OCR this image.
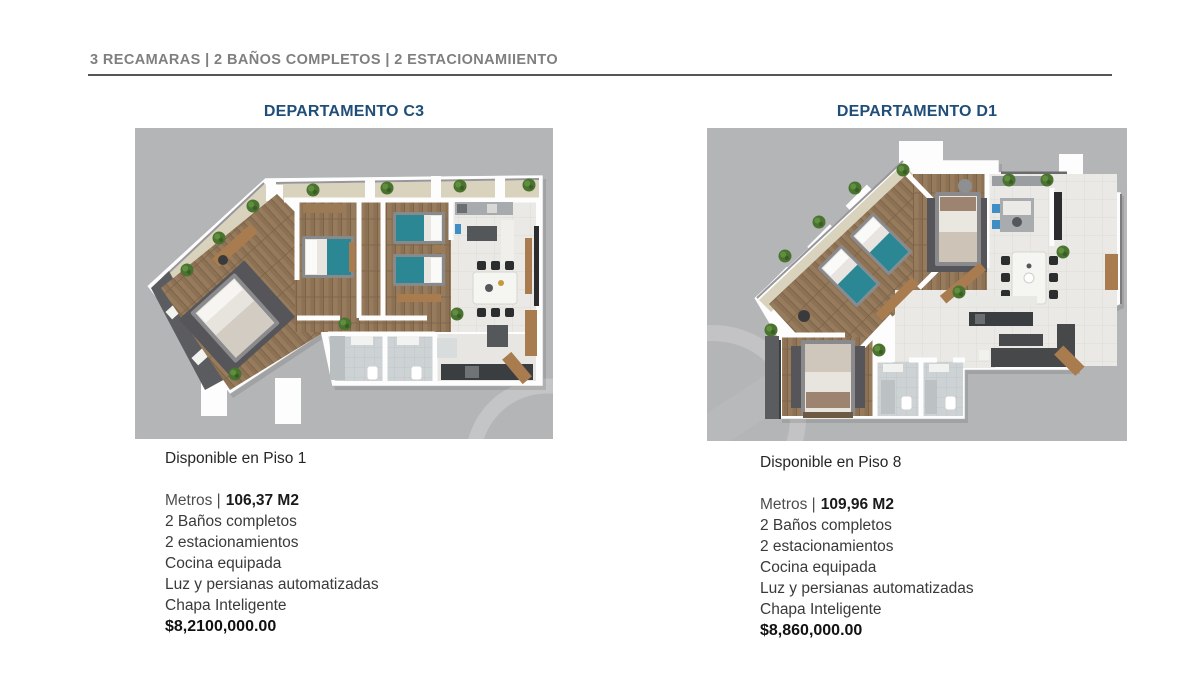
3 RECAMARAS | 2 BAÑOS COMPLETOS | 2 ESTACIONAMIIENTO
DEPARTAMENTO C3

Disponible en Piso 1

Metros | 106,37 M2

2 Baños completos

2 estacionamientos

Cocina equipada

Luz y persianas automatizadas

Chapa Inteligente

$8,2100,000.00

DEPARTAMENTO D1

Disponible en Piso 8

Metros | 109,96 M2

2 Baños completos

2 estacionamientos

Cocina equipada

Luz y persianas automatizadas

Chapa Inteligente

$8,860,000.00
